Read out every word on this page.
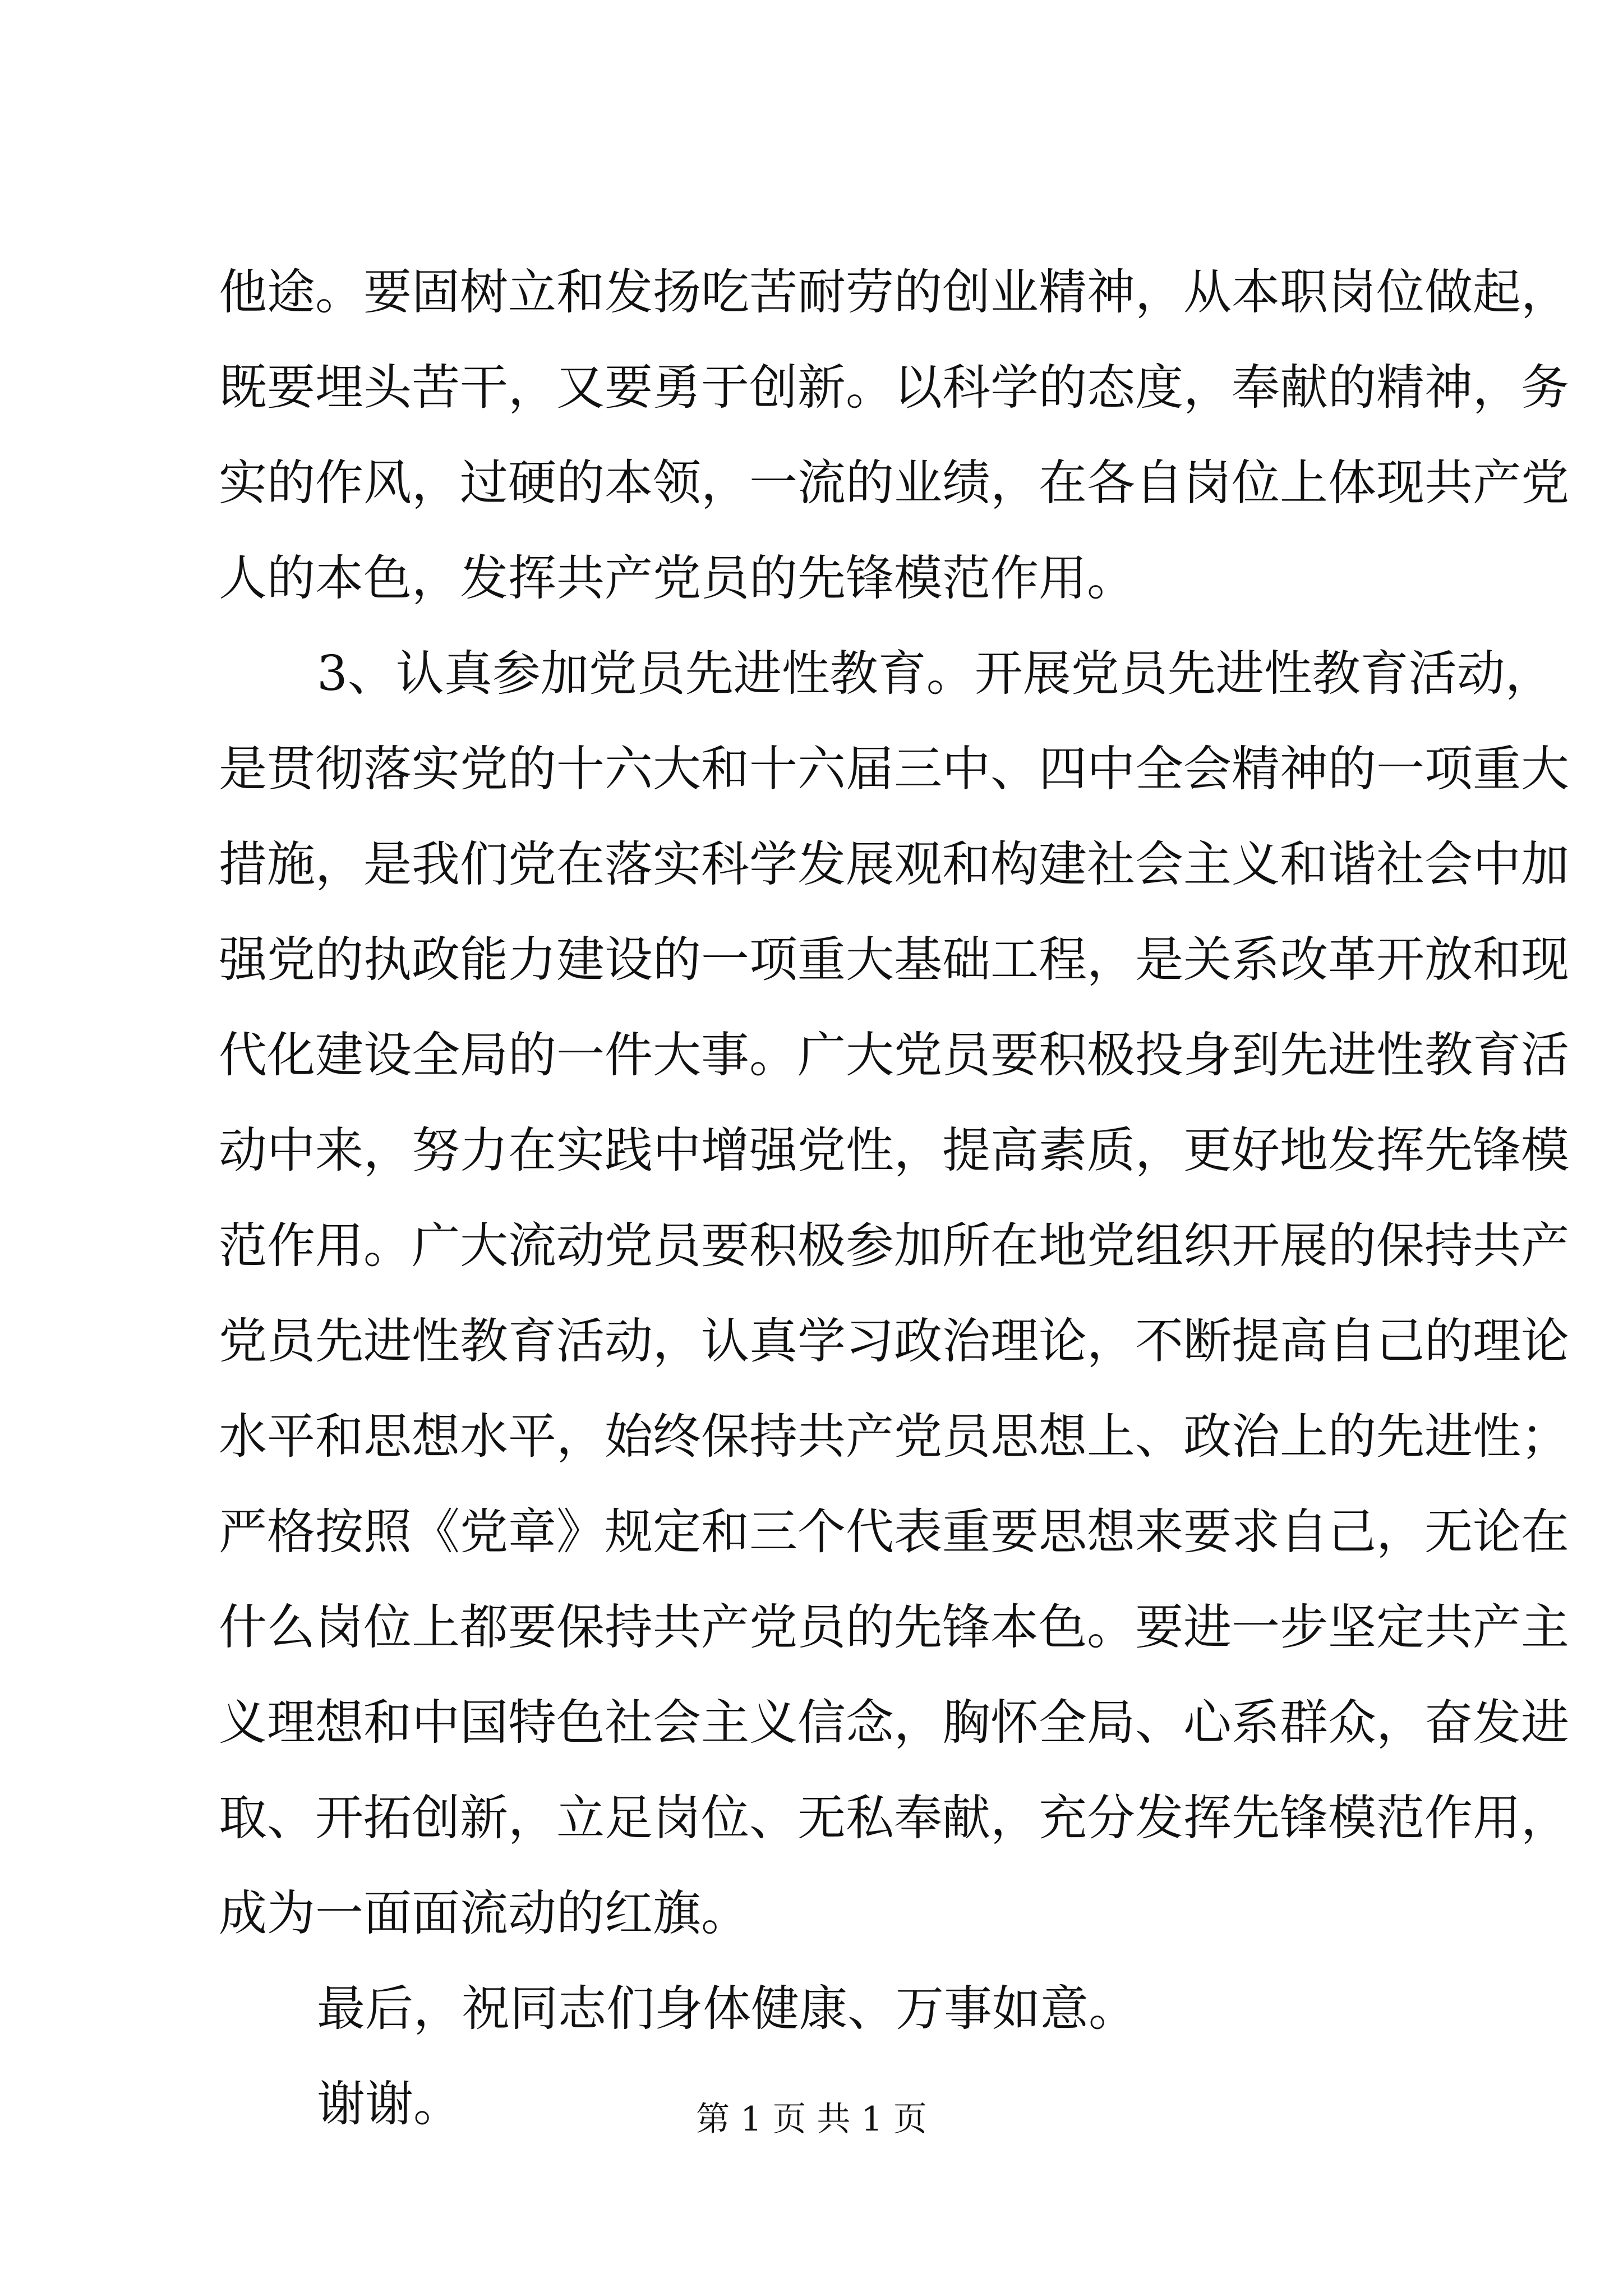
他途。要固树立和发扬吃苦耐劳的创业精神，从本职岗位做起，
既要埋头苦干，又要勇于创新。以科学的态度，奉献的精神，务
实的作风，过硬的本领，一流的业绩，在各自岗位上体现共产党
人的本色，发挥共产党员的先锋模范作用。
3、认真参加党员先进性教育。开展党员先进性教育活动，
是贯彻落实党的十六大和十六届三中、四中全会精神的一项重大
措施，是我们党在落实科学发展观和构建社会主义和谐社会中加
强党的执政能力建设的一项重大基础工程，是关系改革开放和现
代化建设全局的一件大事。广大党员要积极投身到先进性教育活
动中来，努力在实践中增强党性，提高素质，更好地发挥先锋模
范作用。广大流动党员要积极参加所在地党组织开展的保持共产
党员先进性教育活动，认真学习政治理论，不断提高自己的理论
水平和思想水平，始终保持共产党员思想上、政治上的先进性；
严格按照《党章》规定和三个代表重要思想来要求自己，无论在
什么岗位上都要保持共产党员的先锋本色。要进一步坚定共产主
义理想和中国特色社会主义信念，胸怀全局、心系群众，奋发进
取、开拓创新，立足岗位、无私奉献，充分发挥先锋模范作用，
成为一面面流动的红旗。
最后，祝同志们身体健康、万事如意。
谢谢。	第 1 页 共 1 页
